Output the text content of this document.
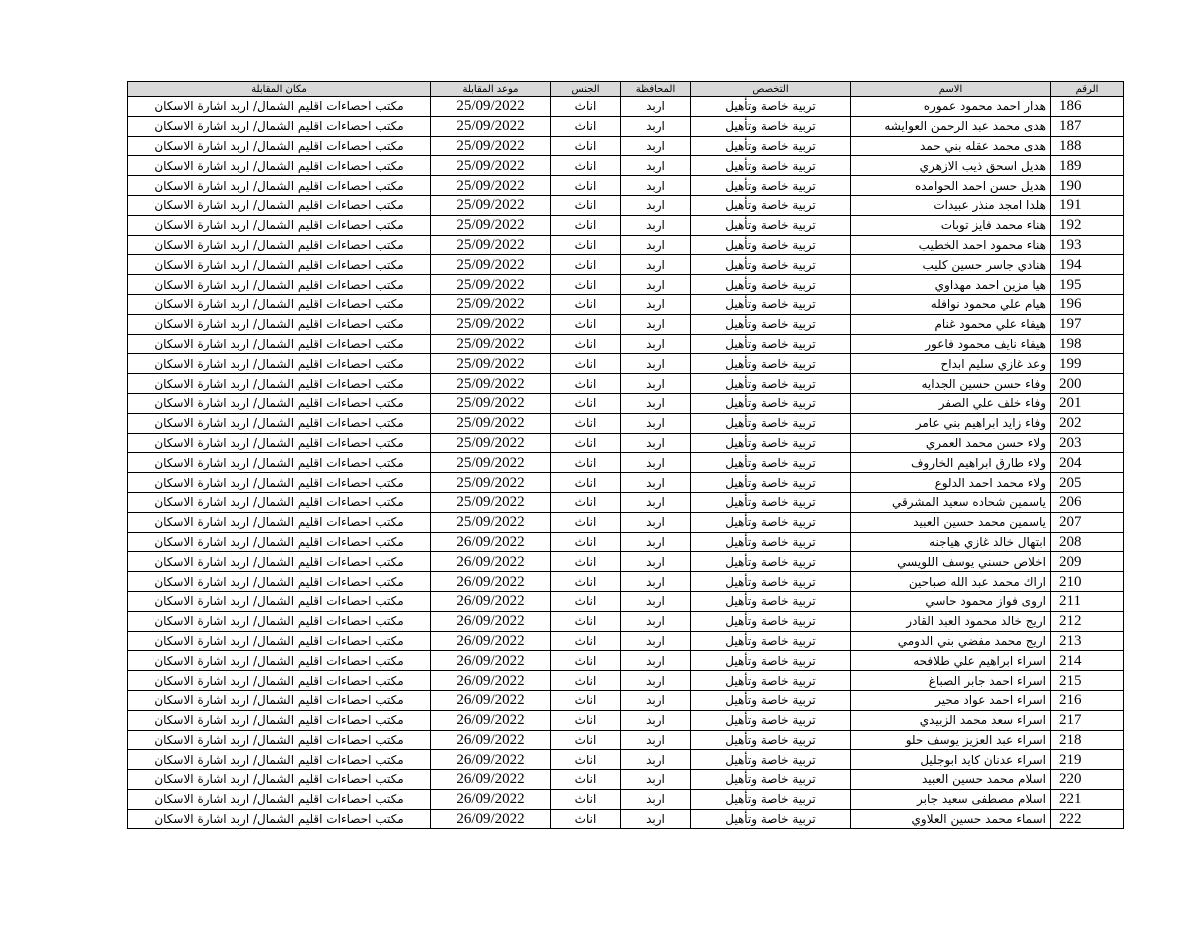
الرقم	الاسم	التخصص	المحافظة	الجنس	موعد المقابلة	مكان المقابلة
186	هدار احمد محمود عموره	تربية خاصة وتأهيل	اربد	اناث	25/09/2022	مكتب احصاءات اقليم الشمال/ اربد اشارة الاسكان
187	هدى محمد عبد الرحمن العوايشه	تربية خاصة وتأهيل	اربد	اناث	25/09/2022	مكتب احصاءات اقليم الشمال/ اربد اشارة الاسكان
188	هدى محمد عقله بني حمد	تربية خاصة وتأهيل	اربد	اناث	25/09/2022	مكتب احصاءات اقليم الشمال/ اربد اشارة الاسكان
189	هديل اسحق ذيب الازهري	تربية خاصة وتأهيل	اربد	اناث	25/09/2022	مكتب احصاءات اقليم الشمال/ اربد اشارة الاسكان
190	هديل حسن احمد الحوامده	تربية خاصة وتأهيل	اربد	اناث	25/09/2022	مكتب احصاءات اقليم الشمال/ اربد اشارة الاسكان
191	هلدا امجد منذر عبيدات	تربية خاصة وتأهيل	اربد	اناث	25/09/2022	مكتب احصاءات اقليم الشمال/ اربد اشارة الاسكان
192	هناء محمد فايز توبات	تربية خاصة وتأهيل	اربد	اناث	25/09/2022	مكتب احصاءات اقليم الشمال/ اربد اشارة الاسكان
193	هناء محمود احمد الخطيب	تربية خاصة وتأهيل	اربد	اناث	25/09/2022	مكتب احصاءات اقليم الشمال/ اربد اشارة الاسكان
194	هنادي جاسر حسين كليب	تربية خاصة وتأهيل	اربد	اناث	25/09/2022	مكتب احصاءات اقليم الشمال/ اربد اشارة الاسكان
195	هيا مزين احمد مهداوي	تربية خاصة وتأهيل	اربد	اناث	25/09/2022	مكتب احصاءات اقليم الشمال/ اربد اشارة الاسكان
196	هيام علي محمود نوافله	تربية خاصة وتأهيل	اربد	اناث	25/09/2022	مكتب احصاءات اقليم الشمال/ اربد اشارة الاسكان
197	هيفاء علي محمود غنام	تربية خاصة وتأهيل	اربد	اناث	25/09/2022	مكتب احصاءات اقليم الشمال/ اربد اشارة الاسكان
198	هيفاء نايف محمود فاعور	تربية خاصة وتأهيل	اربد	اناث	25/09/2022	مكتب احصاءات اقليم الشمال/ اربد اشارة الاسكان
199	وعد غازي سليم ابداح	تربية خاصة وتأهيل	اربد	اناث	25/09/2022	مكتب احصاءات اقليم الشمال/ اربد اشارة الاسكان
200	وفاء حسن حسين الجدايه	تربية خاصة وتأهيل	اربد	اناث	25/09/2022	مكتب احصاءات اقليم الشمال/ اربد اشارة الاسكان
201	وفاء خلف علي الصفر	تربية خاصة وتأهيل	اربد	اناث	25/09/2022	مكتب احصاءات اقليم الشمال/ اربد اشارة الاسكان
202	وفاء زايد ابراهيم بني عامر	تربية خاصة وتأهيل	اربد	اناث	25/09/2022	مكتب احصاءات اقليم الشمال/ اربد اشارة الاسكان
203	ولاء حسن محمد العمري	تربية خاصة وتأهيل	اربد	اناث	25/09/2022	مكتب احصاءات اقليم الشمال/ اربد اشارة الاسكان
204	ولاء طارق ابراهيم الخاروف	تربية خاصة وتأهيل	اربد	اناث	25/09/2022	مكتب احصاءات اقليم الشمال/ اربد اشارة الاسكان
205	ولاء محمد احمد الدلوع	تربية خاصة وتأهيل	اربد	اناث	25/09/2022	مكتب احصاءات اقليم الشمال/ اربد اشارة الاسكان
206	ياسمين شحاده سعيد المشرقي	تربية خاصة وتأهيل	اربد	اناث	25/09/2022	مكتب احصاءات اقليم الشمال/ اربد اشارة الاسكان
207	ياسمين محمد حسين العبيد	تربية خاصة وتأهيل	اربد	اناث	25/09/2022	مكتب احصاءات اقليم الشمال/ اربد اشارة الاسكان
208	ابتهال خالد غازي هياجنه	تربية خاصة وتأهيل	اربد	اناث	26/09/2022	مكتب احصاءات اقليم الشمال/ اربد اشارة الاسكان
209	اخلاص حسني يوسف اللويسي	تربية خاصة وتأهيل	اربد	اناث	26/09/2022	مكتب احصاءات اقليم الشمال/ اربد اشارة الاسكان
210	اراك محمد عبد الله صباحين	تربية خاصة وتأهيل	اربد	اناث	26/09/2022	مكتب احصاءات اقليم الشمال/ اربد اشارة الاسكان
211	اروى فواز محمود حاسي	تربية خاصة وتأهيل	اربد	اناث	26/09/2022	مكتب احصاءات اقليم الشمال/ اربد اشارة الاسكان
212	اريج خالد محمود العبد القادر	تربية خاصة وتأهيل	اربد	اناث	26/09/2022	مكتب احصاءات اقليم الشمال/ اربد اشارة الاسكان
213	اريج محمد مفضي بني الدومي	تربية خاصة وتأهيل	اربد	اناث	26/09/2022	مكتب احصاءات اقليم الشمال/ اربد اشارة الاسكان
214	اسراء ابراهيم علي طلافحه	تربية خاصة وتأهيل	اربد	اناث	26/09/2022	مكتب احصاءات اقليم الشمال/ اربد اشارة الاسكان
215	اسراء احمد جابر الصباغ	تربية خاصة وتأهيل	اربد	اناث	26/09/2022	مكتب احصاءات اقليم الشمال/ اربد اشارة الاسكان
216	اسراء احمد عواد محير	تربية خاصة وتأهيل	اربد	اناث	26/09/2022	مكتب احصاءات اقليم الشمال/ اربد اشارة الاسكان
217	اسراء سعد محمد الزبيدي	تربية خاصة وتأهيل	اربد	اناث	26/09/2022	مكتب احصاءات اقليم الشمال/ اربد اشارة الاسكان
218	اسراء عبد العزيز يوسف حلو	تربية خاصة وتأهيل	اربد	اناث	26/09/2022	مكتب احصاءات اقليم الشمال/ اربد اشارة الاسكان
219	اسراء عدنان كايد ابوجليل	تربية خاصة وتأهيل	اربد	اناث	26/09/2022	مكتب احصاءات اقليم الشمال/ اربد اشارة الاسكان
220	اسلام محمد حسين العبيد	تربية خاصة وتأهيل	اربد	اناث	26/09/2022	مكتب احصاءات اقليم الشمال/ اربد اشارة الاسكان
221	اسلام مصطفى سعيد جابر	تربية خاصة وتأهيل	اربد	اناث	26/09/2022	مكتب احصاءات اقليم الشمال/ اربد اشارة الاسكان
222	اسماء محمد حسين العلاوي	تربية خاصة وتأهيل	اربد	اناث	26/09/2022	مكتب احصاءات اقليم الشمال/ اربد اشارة الاسكان
